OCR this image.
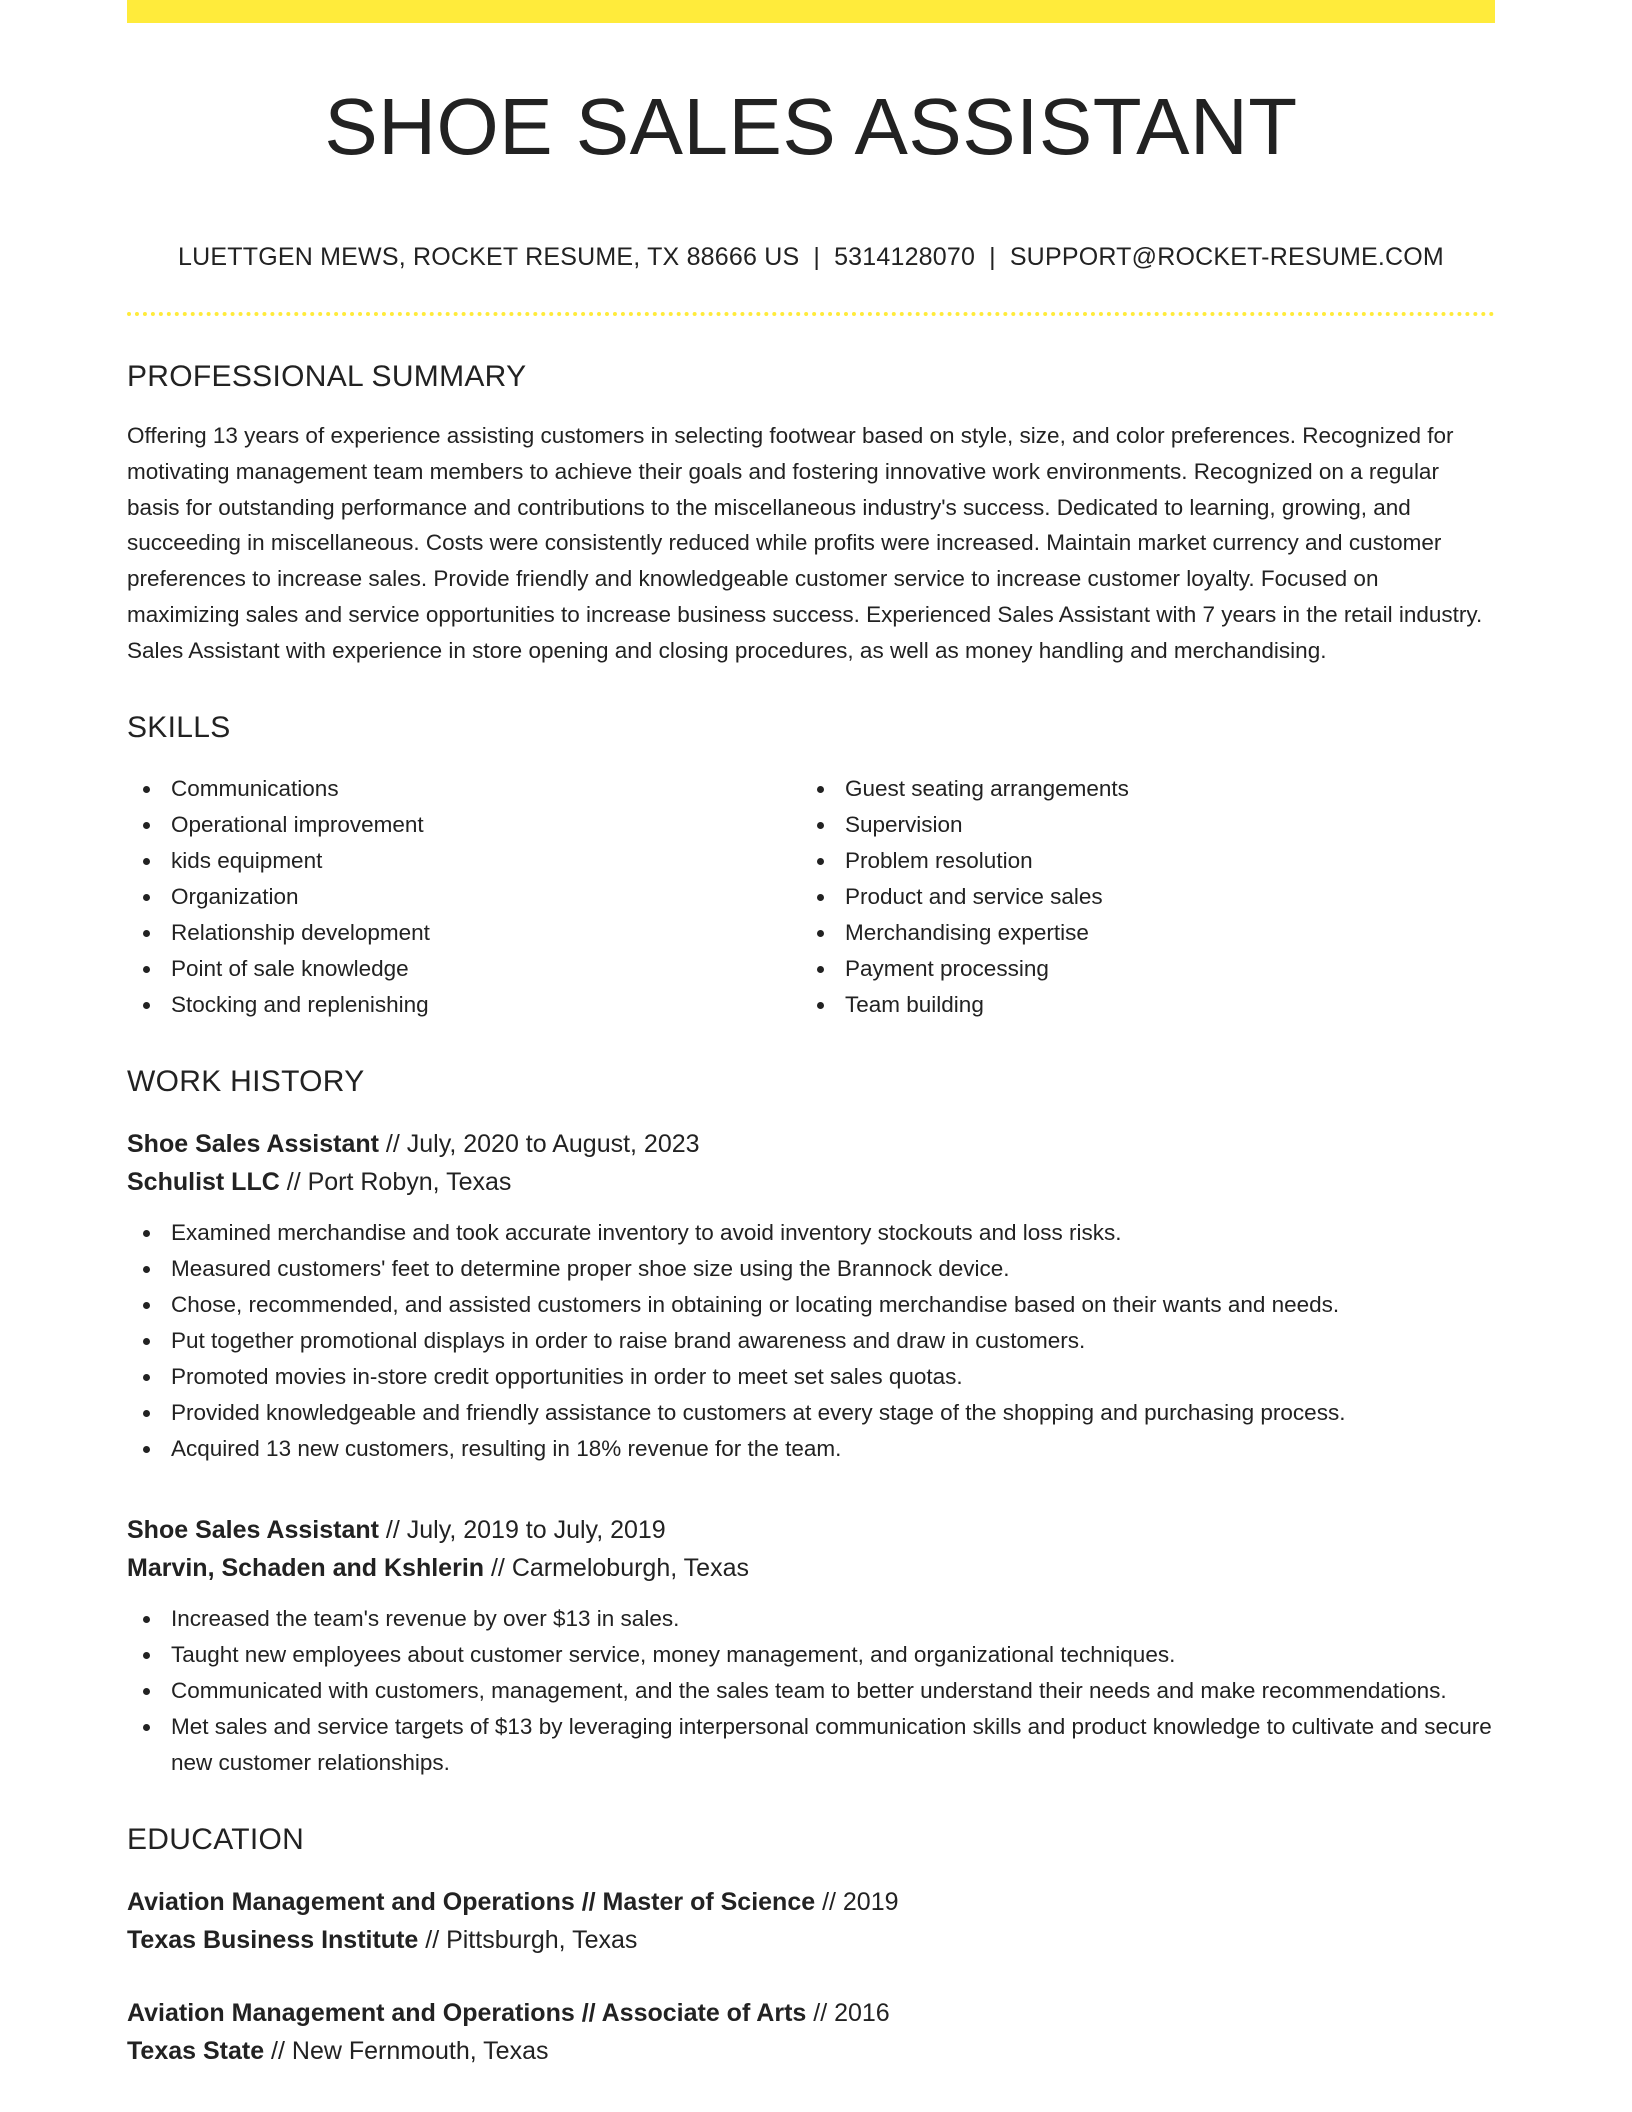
SHOE SALES ASSISTANT
LUETTGEN MEWS, ROCKET RESUME, TX 88666 US | 5314128070 | SUPPORT@ROCKET-RESUME.COM
PROFESSIONAL SUMMARY

Offering 13 years of experience assisting customers in selecting footwear based on style, size, and color preferences. Recognized for motivating management team members to achieve their goals and fostering innovative work environments. Recognized on a regular basis for outstanding performance and contributions to the miscellaneous industry's success. Dedicated to learning, growing, and succeeding in miscellaneous. Costs were consistently reduced while profits were increased. Maintain market currency and customer preferences to increase sales. Provide friendly and knowledgeable customer service to increase customer loyalty. Focused on maximizing sales and service opportunities to increase business success. Experienced Sales Assistant with 7 years in the retail industry. Sales Assistant with experience in store opening and closing procedures, as well as money handling and merchandising.

SKILLS
Communications
Operational improvement
kids equipment
Organization
Relationship development
Point of sale knowledge
Stocking and replenishing
Guest seating arrangements
Supervision
Problem resolution
Product and service sales
Merchandising expertise
Payment processing
Team building
WORK HISTORY
Shoe Sales Assistant // July, 2020 to August, 2023
Schulist LLC // Port Robyn, Texas
Examined merchandise and took accurate inventory to avoid inventory stockouts and loss risks.
Measured customers' feet to determine proper shoe size using the Brannock device.
Chose, recommended, and assisted customers in obtaining or locating merchandise based on their wants and needs.
Put together promotional displays in order to raise brand awareness and draw in customers.
Promoted movies in-store credit opportunities in order to meet set sales quotas.
Provided knowledgeable and friendly assistance to customers at every stage of the shopping and purchasing process.
Acquired 13 new customers, resulting in 18% revenue for the team.
Shoe Sales Assistant // July, 2019 to July, 2019
Marvin, Schaden and Kshlerin // Carmeloburgh, Texas
Increased the team's revenue by over $13 in sales.
Taught new employees about customer service, money management, and organizational techniques.
Communicated with customers, management, and the sales team to better understand their needs and make recommendations.
Met sales and service targets of $13 by leveraging interpersonal communication skills and product knowledge to cultivate and secure new customer relationships.
EDUCATION
Aviation Management and Operations // Master of Science // 2019
Texas Business Institute // Pittsburgh, Texas
Aviation Management and Operations // Associate of Arts // 2016
Texas State // New Fernmouth, Texas
